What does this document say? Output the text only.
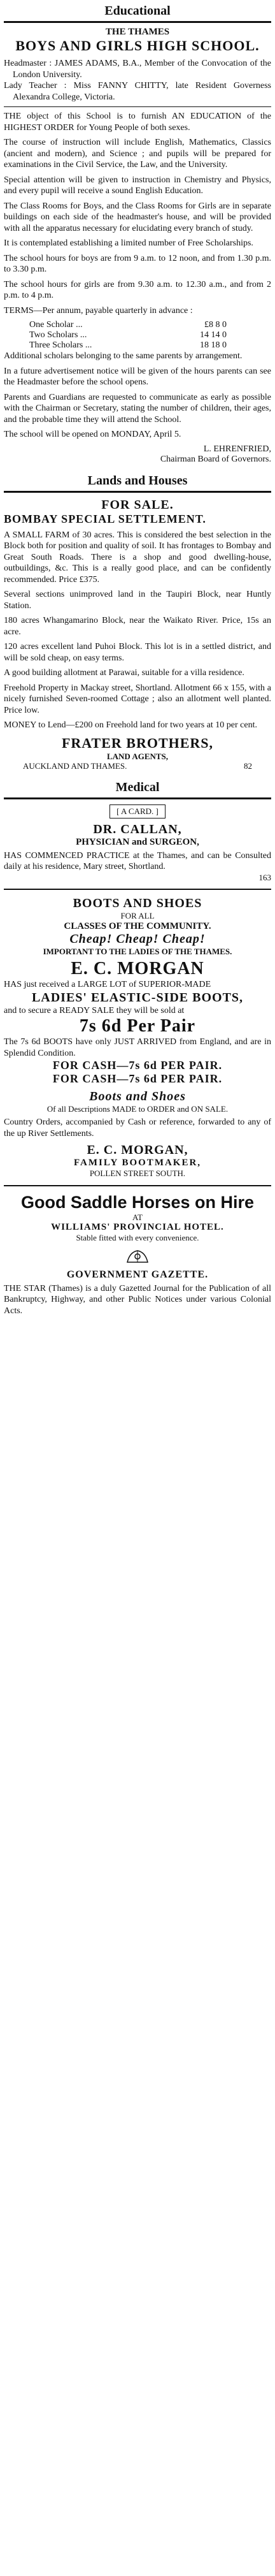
Educational
THE THAMES
BOYS AND GIRLS HIGH SCHOOL.
Headmaster : JAMES ADAMS, B.A., Member of the Convocation of the London University.
Lady Teacher : Miss FANNY CHITTY, late Resident Governess Alexandra College, Victoria.
THE object of this School is to furnish AN EDUCATION of the HIGHEST ORDER for Young People of both sexes.
The course of instruction will include English, Mathematics, Classics (ancient and modern), and Science ; and pupils will be prepared for examinations in the Civil Service, the Law, and the University.
Special attention will be given to instruction in Chemistry and Physics, and every pupil will receive a sound English Education.
The Class Rooms for Boys, and the Class Rooms for Girls are in separate buildings on each side of the headmaster's house, and will be provided with all the apparatus necessary for elucidating every branch of study.
It is contemplated establishing a limited number of Free Scholarships.
The school hours for boys are from 9 a.m. to 12 noon, and from 1.30 p.m. to 3.30 p.m.
The school hours for girls are from 9.30 a.m. to 12.30 a.m., and from 2 p.m. to 4 p.m.
TERMS—Per annum, payable quarterly in advance :
One Scholar ...	£8 8 0
Two Scholars ...	14 14 0
Three Scholars ...	18 18 0
Additional scholars belonging to the same parents by arrangement.
In a future advertisement notice will be given of the hours parents can see the Headmaster before the school opens.
Parents and Guardians are requested to communicate as early as possible with the Chairman or Secretary, stating the number of children, their ages, and the probable time they will attend the School.
The school will be opened on MONDAY, April 5.
L. EHRENFRIED,
Chairman Board of Governors.
Lands and Houses
FOR SALE.
BOMBAY SPECIAL SETTLEMENT.
A SMALL FARM of 30 acres. This is considered the best selection in the Block both for position and quality of soil. It has frontages to Bombay and Great South Roads. There is a shop and good dwelling-house, outbuildings, &c. This is a really good place, and can be confidently recommended. Price £375.
Several sections unimproved land in the Taupiri Block, near Huntly Station.
180 acres Whangamarino Block, near the Waikato River. Price, 15s an acre.
120 acres excellent land Puhoi Block. This lot is in a settled district, and will be sold cheap, on easy terms.
A good building allotment at Parawai, suitable for a villa residence.
Freehold Property in Mackay street, Shortland. Allotment 66 x 155, with a nicely furnished Seven-roomed Cottage ; also an allotment well planted. Price low.
MONEY to Lend—£200 on Freehold land for two years at 10 per cent.
FRATER BROTHERS,
LAND AGENTS,
AUCKLAND AND THAMES.	82
Medical
[ A CARD. ]
DR. CALLAN,
PHYSICIAN and SURGEON,
HAS COMMENCED PRACTICE at the Thames, and can be Consulted daily at his residence, Mary street, Shortland.
163
BOOTS AND SHOES
FOR ALL
CLASSES OF THE COMMUNITY.
Cheap! Cheap! Cheap!
IMPORTANT TO THE LADIES OF THE THAMES.
E. C. MORGAN
HAS just received a LARGE LOT of SUPERIOR-MADE
LADIES' ELASTIC-SIDE BOOTS,
and to secure a READY SALE they will be sold at
7s 6d Per Pair
The 7s 6d BOOTS have only JUST ARRIVED from England, and are in Splendid Condition.
FOR CASH—7s 6d PER PAIR.
FOR CASH—7s 6d PER PAIR.
Boots and Shoes
Of all Descriptions MADE to ORDER and ON SALE.
Country Orders, accompanied by Cash or reference, forwarded to any of the up River Settlements.
E. C. MORGAN,
FAMILY BOOTMAKER,
POLLEN STREET SOUTH.
Good Saddle Horses on Hire
AT
WILLIAMS' PROVINCIAL HOTEL.
Stable fitted with every convenience.
GOVERNMENT GAZETTE.
THE STAR (Thames) is a duly Gazetted Journal for the Publication of all Bankruptcy, Highway, and other Public Notices under various Colonial Acts.
